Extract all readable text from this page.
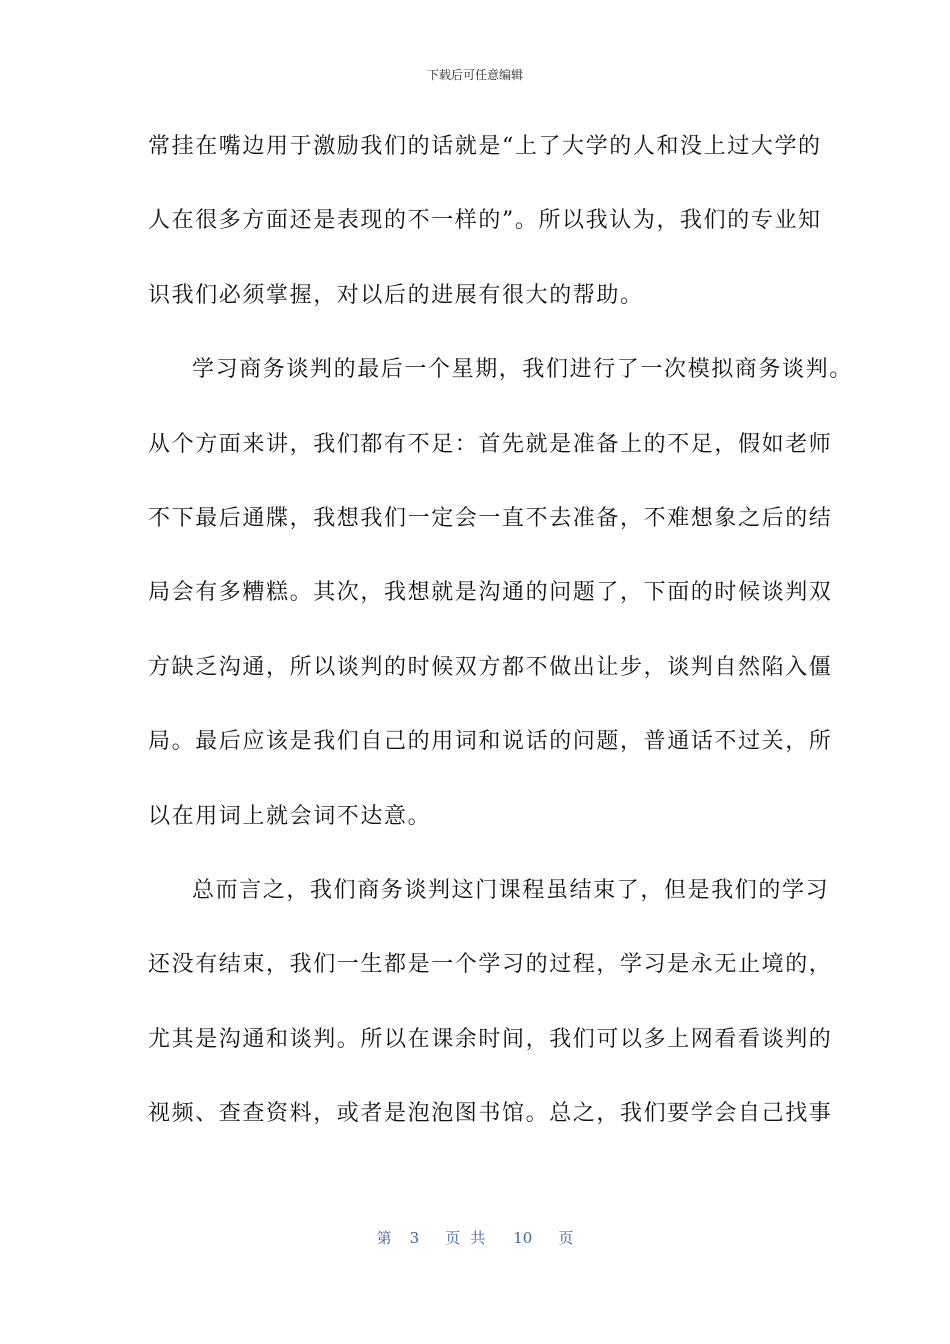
下载后可任意编辑
常挂在嘴边用于激励我们的话就是“上了大学的人和没上过大学的
人在很多方面还是表现的不一样的”。所以我认为，我们的专业知
识我们必须掌握，对以后的进展有很大的帮助。
学习商务谈判的最后一个星期，我们进行了一次模拟商务谈判。
从个方面来讲，我们都有不足：首先就是准备上的不足，假如老师
不下最后通牒，我想我们一定会一直不去准备，不难想象之后的结
局会有多糟糕。其次，我想就是沟通的问题了，下面的时候谈判双
方缺乏沟通，所以谈判的时候双方都不做出让步，谈判自然陷入僵
局。最后应该是我们自己的用词和说话的问题，普通话不过关，所
以在用词上就会词不达意。
总而言之，我们商务谈判这门课程虽结束了，但是我们的学习
还没有结束，我们一生都是一个学习的过程，学习是永无止境的，
尤其是沟通和谈判。所以在课余时间，我们可以多上网看看谈判的
视频、查查资料，或者是泡泡图书馆。总之，我们要学会自己找事
第 3 页共 10 页
